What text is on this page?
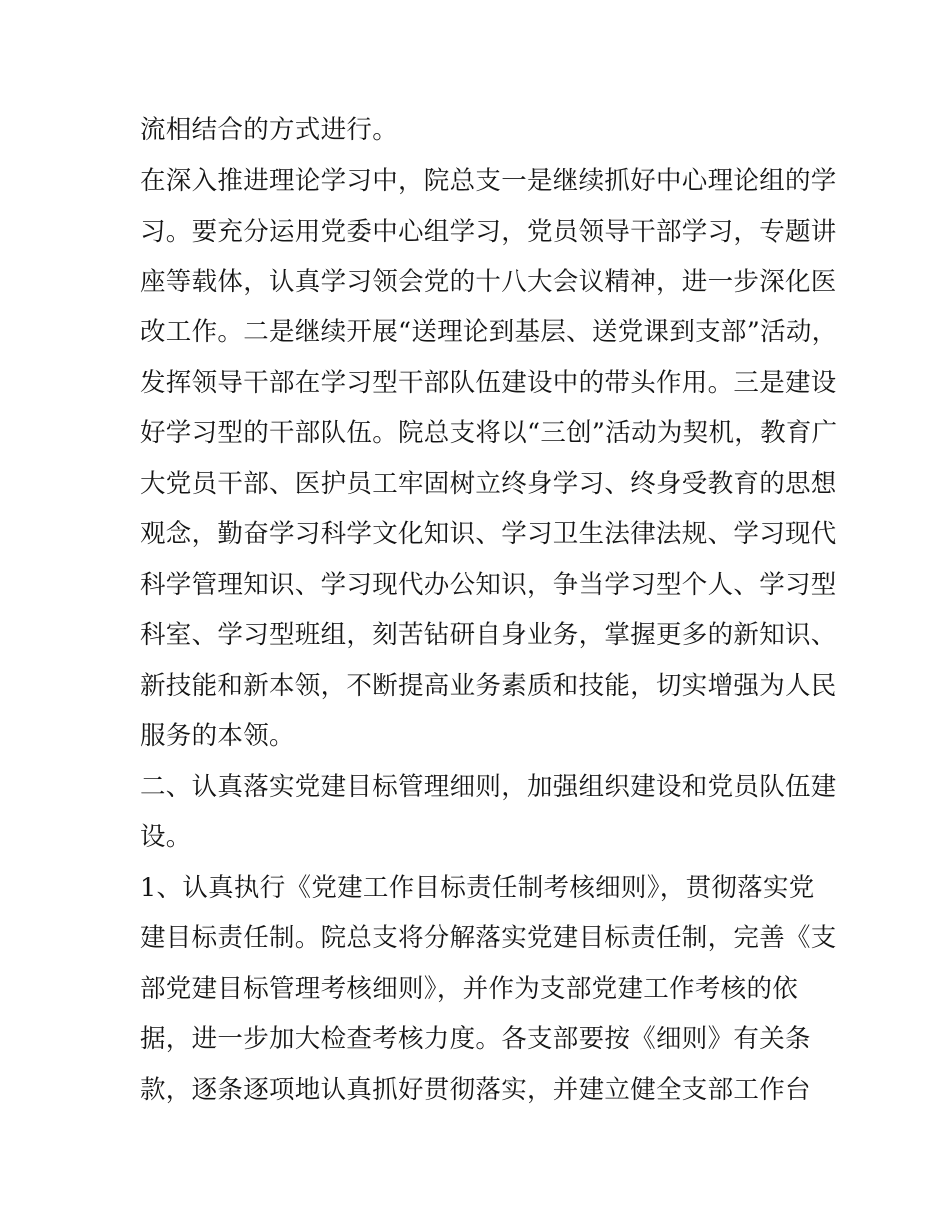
流相结合的方式进行。
在深入推进理论学习中，院总支一是继续抓好中心理论组的学
习。要充分运用党委中心组学习，党员领导干部学习，专题讲
座等载体，认真学习领会党的十八大会议精神，进一步深化医
改工作。二是继续开展“送理论到基层、送党课到支部”活动，
发挥领导干部在学习型干部队伍建设中的带头作用。三是建设
好学习型的干部队伍。院总支将以“三创”活动为契机，教育广
大党员干部、医护员工牢固树立终身学习、终身受教育的思想
观念，勤奋学习科学文化知识、学习卫生法律法规、学习现代
科学管理知识、学习现代办公知识，争当学习型个人、学习型
科室、学习型班组，刻苦钻研自身业务，掌握更多的新知识、
新技能和新本领，不断提高业务素质和技能，切实增强为人民
服务的本领。
二、认真落实党建目标管理细则，加强组织建设和党员队伍建
设。
1、认真执行《党建工作目标责任制考核细则》，贯彻落实党
建目标责任制。院总支将分解落实党建目标责任制，完善《支
部党建目标管理考核细则》，并作为支部党建工作考核的依
据，进一步加大检查考核力度。各支部要按《细则》有关条
款，逐条逐项地认真抓好贯彻落实，并建立健全支部工作台
